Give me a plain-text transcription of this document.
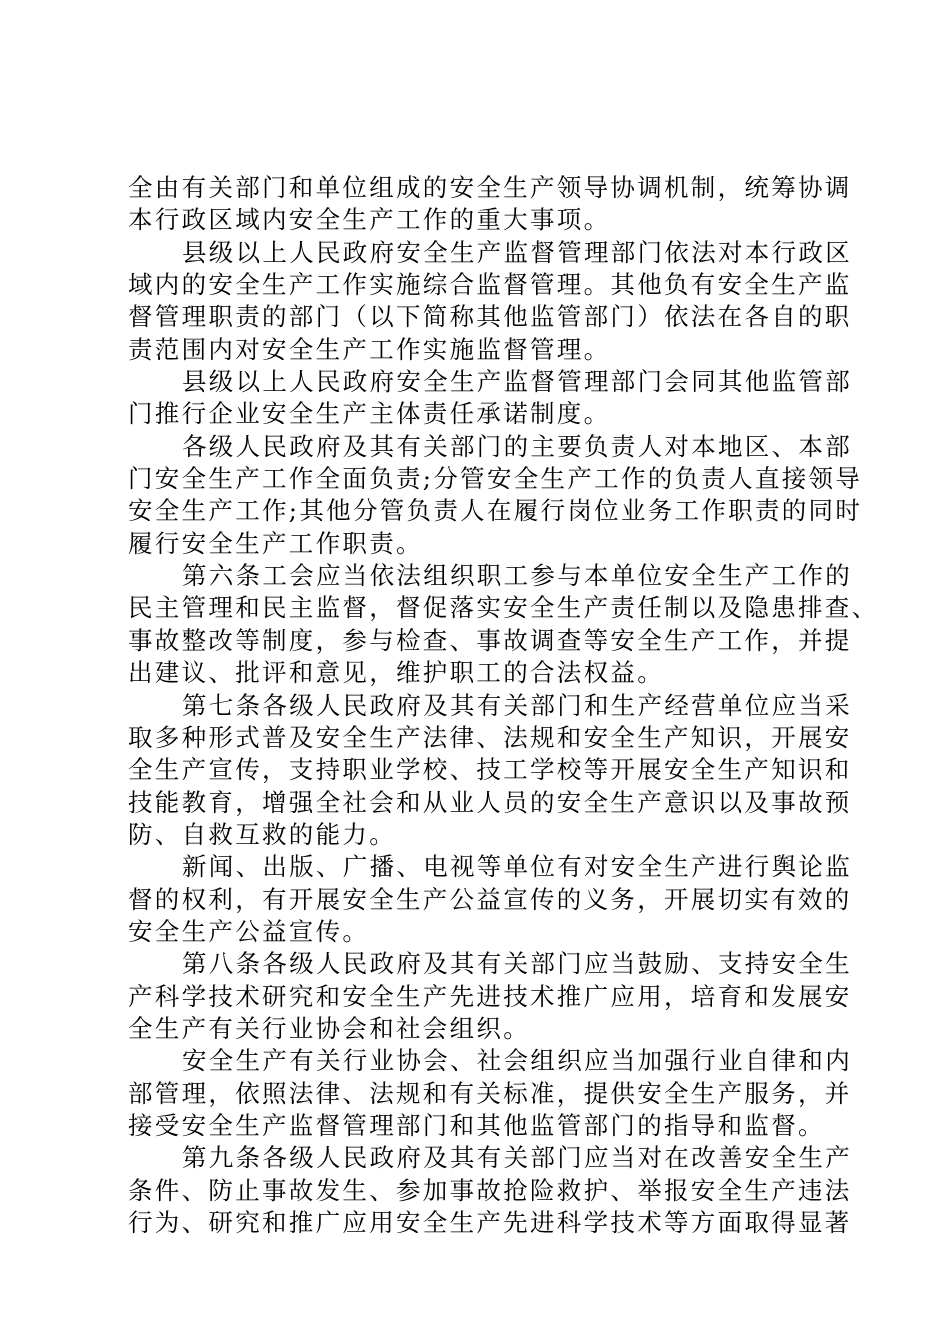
全由有关部门和单位组成的安全生产领导协调机制，统筹协调
本行政区域内安全生产工作的重大事项。
县级以上人民政府安全生产监督管理部门依法对本行政区
域内的安全生产工作实施综合监督管理。其他负有安全生产监
督管理职责的部门（以下简称其他监管部门）依法在各自的职
责范围内对安全生产工作实施监督管理。
县级以上人民政府安全生产监督管理部门会同其他监管部
门推行企业安全生产主体责任承诺制度。
各级人民政府及其有关部门的主要负责人对本地区、本部
门安全生产工作全面负责;分管安全生产工作的负责人直接领导
安全生产工作;其他分管负责人在履行岗位业务工作职责的同时
履行安全生产工作职责。
第六条工会应当依法组织职工参与本单位安全生产工作的
民主管理和民主监督，督促落实安全生产责任制以及隐患排查、
事故整改等制度，参与检查、事故调查等安全生产工作，并提
出建议、批评和意见，维护职工的合法权益。
第七条各级人民政府及其有关部门和生产经营单位应当采
取多种形式普及安全生产法律、法规和安全生产知识，开展安
全生产宣传，支持职业学校、技工学校等开展安全生产知识和
技能教育，增强全社会和从业人员的安全生产意识以及事故预
防、自救互救的能力。
新闻、出版、广播、电视等单位有对安全生产进行舆论监
督的权利，有开展安全生产公益宣传的义务，开展切实有效的
安全生产公益宣传。
第八条各级人民政府及其有关部门应当鼓励、支持安全生
产科学技术研究和安全生产先进技术推广应用，培育和发展安
全生产有关行业协会和社会组织。
安全生产有关行业协会、社会组织应当加强行业自律和内
部管理，依照法律、法规和有关标准，提供安全生产服务，并
接受安全生产监督管理部门和其他监管部门的指导和监督。
第九条各级人民政府及其有关部门应当对在改善安全生产
条件、防止事故发生、参加事故抢险救护、举报安全生产违法
行为、研究和推广应用安全生产先进科学技术等方面取得显著
